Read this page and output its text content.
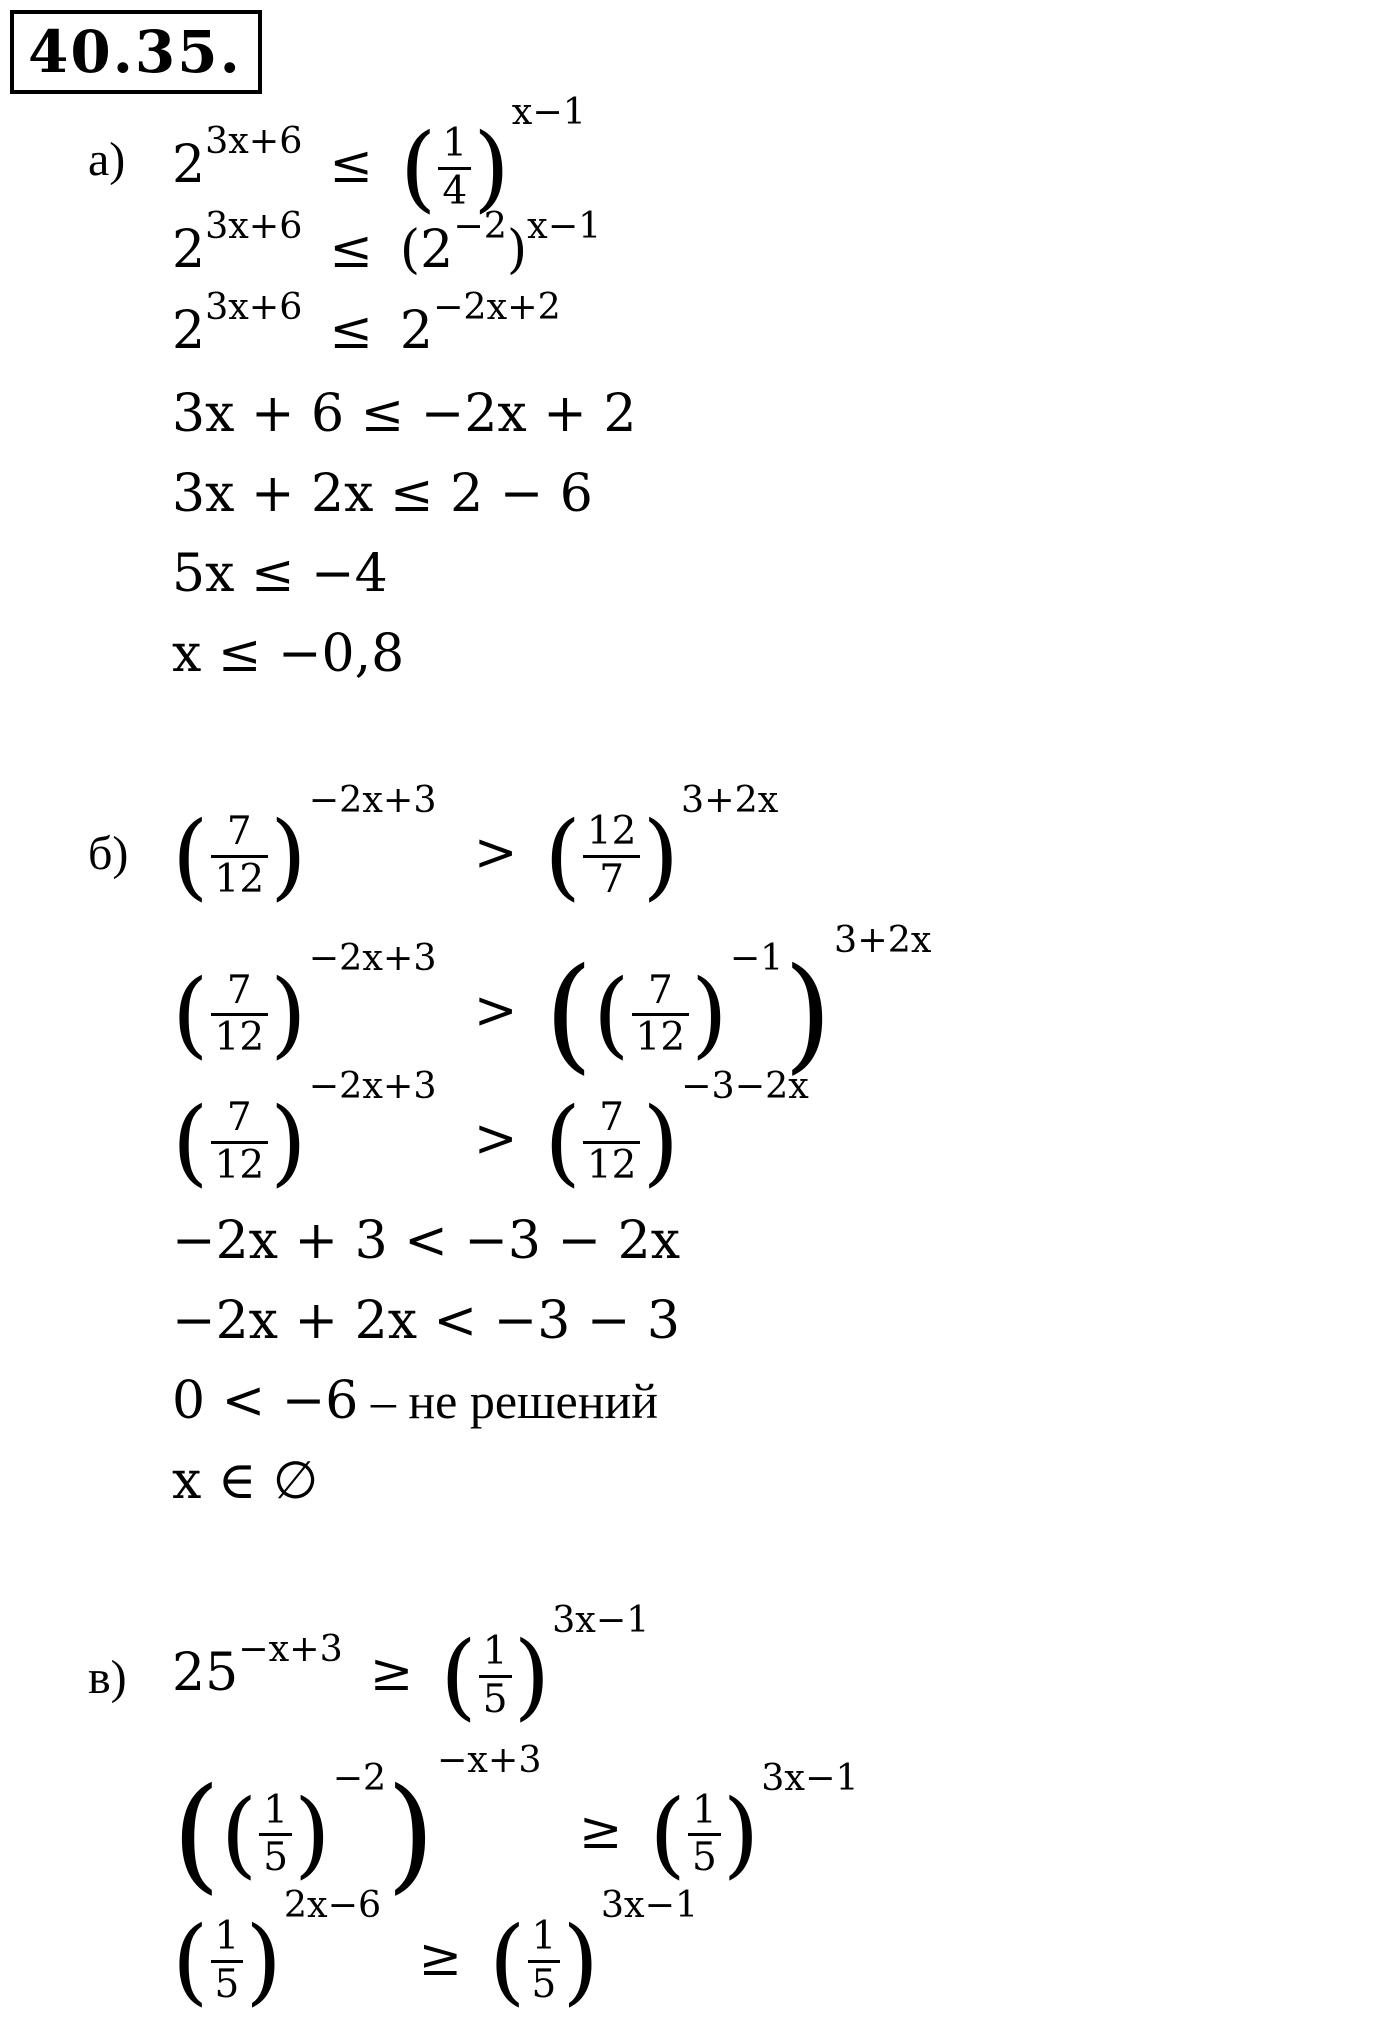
40.35.
а) $2^{3x+6}$ ≤ ( $\frac{1}{4} )^{x-1}$
$2^{3x+6} \le (2^{-2})^{x-1}$
$2^{3x+6} \le 2^{-2x+2}$
3x + 6 ≤ −2x + 2
3x + 2x ≤ 2 − 6
5x ≤ −4
x ≤ −0,8
б) ( $\frac{7}{12} )^{-2x+3}$ > ( $\frac{12}{7} )^{3+2x}$
( $\frac{7}{12} )^{-2x+3}$ > (( $\frac{7}{12} )^{-1})^{3+2x}$
( $\frac{7}{12} )^{-2x+3}$ > ( $\frac{7}{12} )^{-3-2x}$
−2x + 3 < −3 − 2x
−2x + 2x < −3 − 3
0 < −6 – не решений
x ∈ ∅
в) $25^{-x+3}$ ≥ ( $\frac{1}{5} )^{3x-1}$
(( $\frac{1}{5} )^{-2})^{-x+3}$ ≥ ( $\frac{1}{5} )^{3x-1}$
( $\frac{1}{5} )^{2x-6}$ ≥ ( $\frac{1}{5} )^{3x-1}$
